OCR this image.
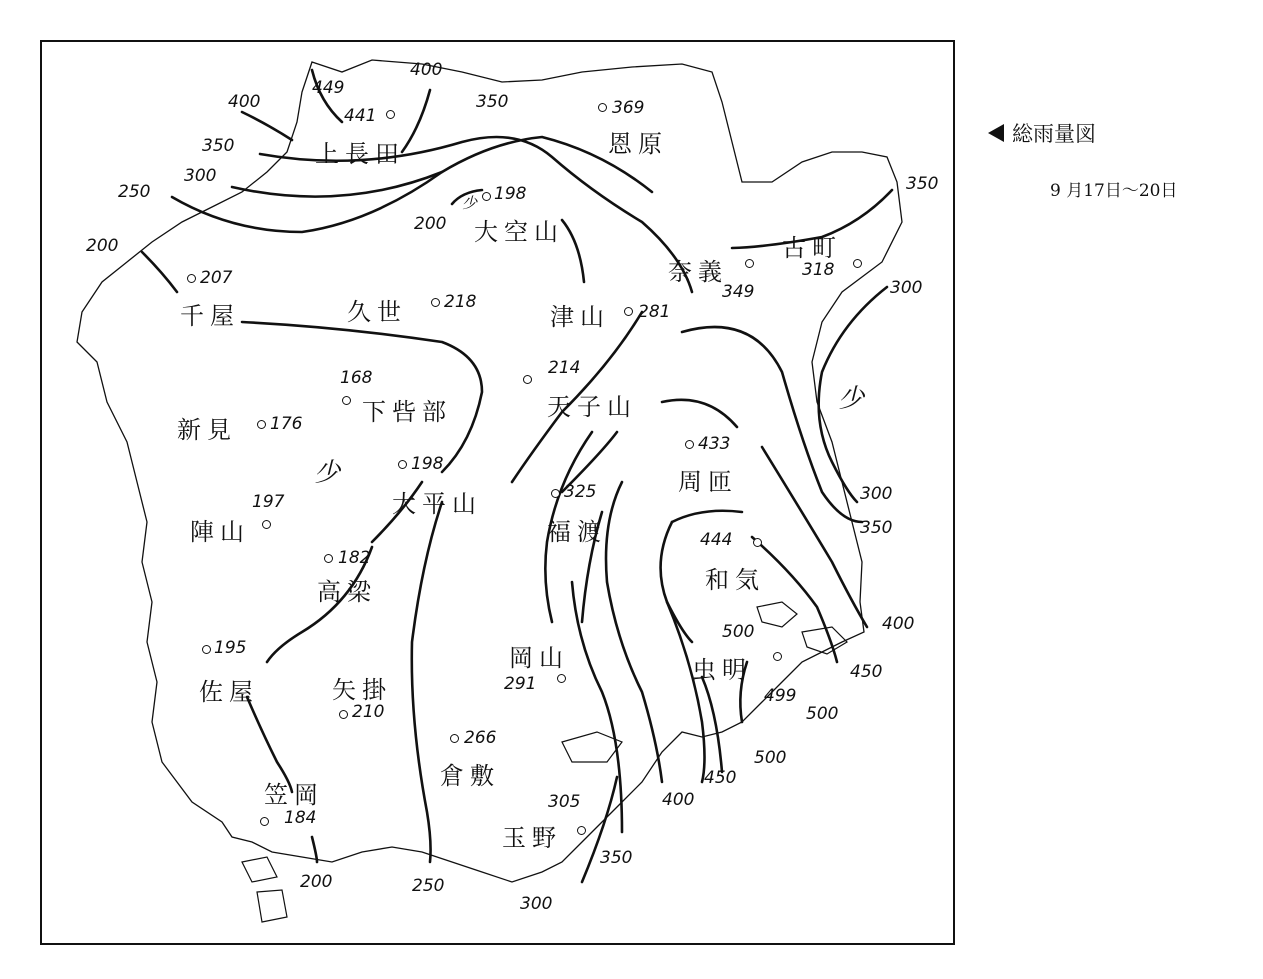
上長田	恩原
大空山
古町
奈義
千屋	久世	津山
下呰部	天子山
新見
周匝
陣山
大平山
福渡
和気
高梁
岡山	虫明
佐屋	矢掛
倉敷
玉野
笠岡
449
441	369
198
318
349
207
218	281
168	214
176
433
197
198
325
444
182
291
500
499
195
210
266
305
184
400
400
350
350
300
250
200
200
350
300
300
350
400
450
500
500
450
400
350
300
250
200
少
少
少
総雨量図
9 月17日～20日
